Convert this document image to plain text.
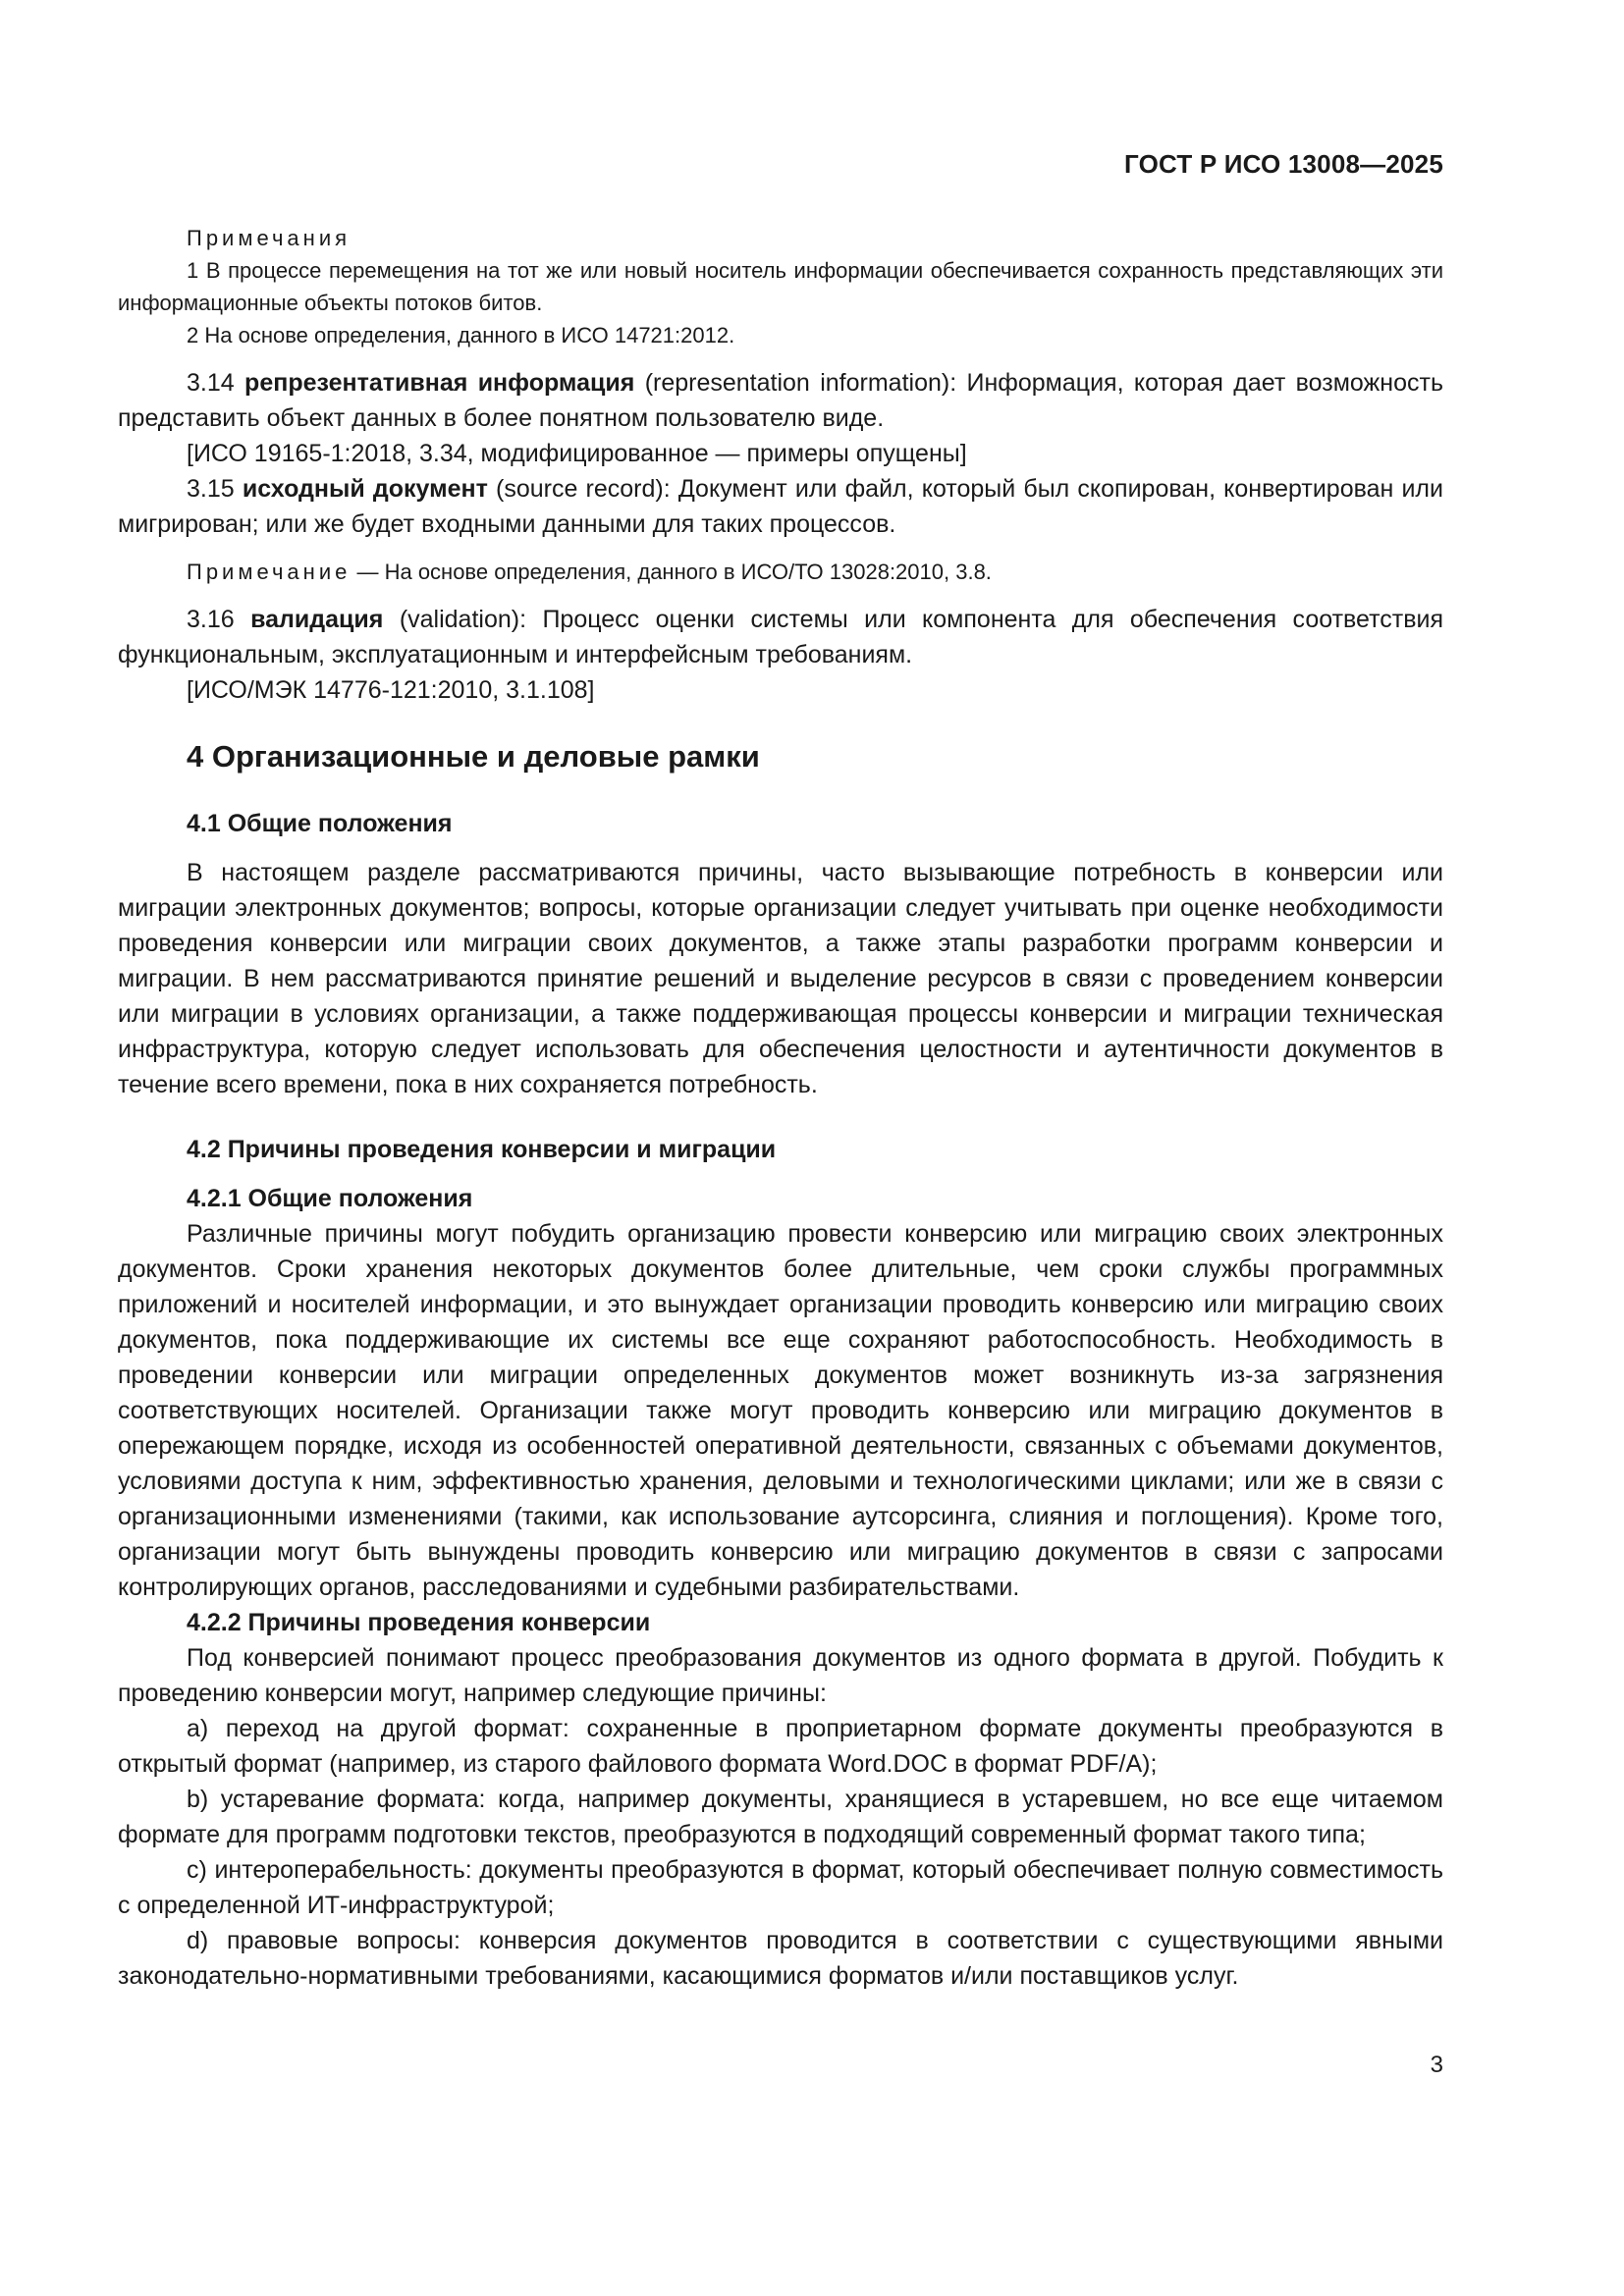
ГОСТ Р ИСО 13008—2025

Примечания

1 В процессе перемещения на тот же или новый носитель информации обеспечивается сохранность представляющих эти информационные объекты потоков битов.

2 На основе определения, данного в ИСО 14721:2012.

3.14 репрезентативная информация (representation information): Информация, которая дает возможность представить объект данных в более понятном пользователю виде.

[ИСО 19165-1:2018, 3.34, модифицированное — примеры опущены]

3.15 исходный документ (source record): Документ или файл, который был скопирован, конвертирован или мигрирован; или же будет входными данными для таких процессов.

Примечание — На основе определения, данного в ИСО/ТО 13028:2010, 3.8.

3.16 валидация (validation): Процесс оценки системы или компонента для обеспечения соответствия функциональным, эксплуатационным и интерфейсным требованиям.

[ИСО/МЭК 14776-121:2010, 3.1.108]

4 Организационные и деловые рамки

4.1 Общие положения

В настоящем разделе рассматриваются причины, часто вызывающие потребность в конверсии или миграции электронных документов; вопросы, которые организации следует учитывать при оценке необходимости проведения конверсии или миграции своих документов, а также этапы разработки программ конверсии и миграции. В нем рассматриваются принятие решений и выделение ресурсов в связи с проведением конверсии или миграции в условиях организации, а также поддерживающая процессы конверсии и миграции техническая инфраструктура, которую следует использовать для обеспечения целостности и аутентичности документов в течение всего времени, пока в них сохраняется потребность.

4.2 Причины проведения конверсии и миграции

4.2.1 Общие положения

Различные причины могут побудить организацию провести конверсию или миграцию своих электронных документов. Сроки хранения некоторых документов более длительные, чем сроки службы программных приложений и носителей информации, и это вынуждает организации проводить конверсию или миграцию своих документов, пока поддерживающие их системы все еще сохраняют работоспособность. Необходимость в проведении конверсии или миграции определенных документов может возникнуть из-за загрязнения соответствующих носителей. Организации также могут проводить конверсию или миграцию документов в опережающем порядке, исходя из особенностей оперативной деятельности, связанных с объемами документов, условиями доступа к ним, эффективностью хранения, деловыми и технологическими циклами; или же в связи с организационными изменениями (такими, как использование аутсорсинга, слияния и поглощения). Кроме того, организации могут быть вынуждены проводить конверсию или миграцию документов в связи с запросами контролирующих органов, расследованиями и судебными разбирательствами.

4.2.2 Причины проведения конверсии

Под конверсией понимают процесс преобразования документов из одного формата в другой. Побудить к проведению конверсии могут, например следующие причины:

a) переход на другой формат: сохраненные в проприетарном формате документы преобразуются в открытый формат (например, из старого файлового формата Word.DOC в формат PDF/A);

b) устаревание формата: когда, например документы, хранящиеся в устаревшем, но все еще читаемом формате для программ подготовки текстов, преобразуются в подходящий современный формат такого типа;

c) интероперабельность: документы преобразуются в формат, который обеспечивает полную совместимость с определенной ИТ-инфраструктурой;

d) правовые вопросы: конверсия документов проводится в соответствии с существующими явными законодательно-нормативными требованиями, касающимися форматов и/или поставщиков услуг.

3
